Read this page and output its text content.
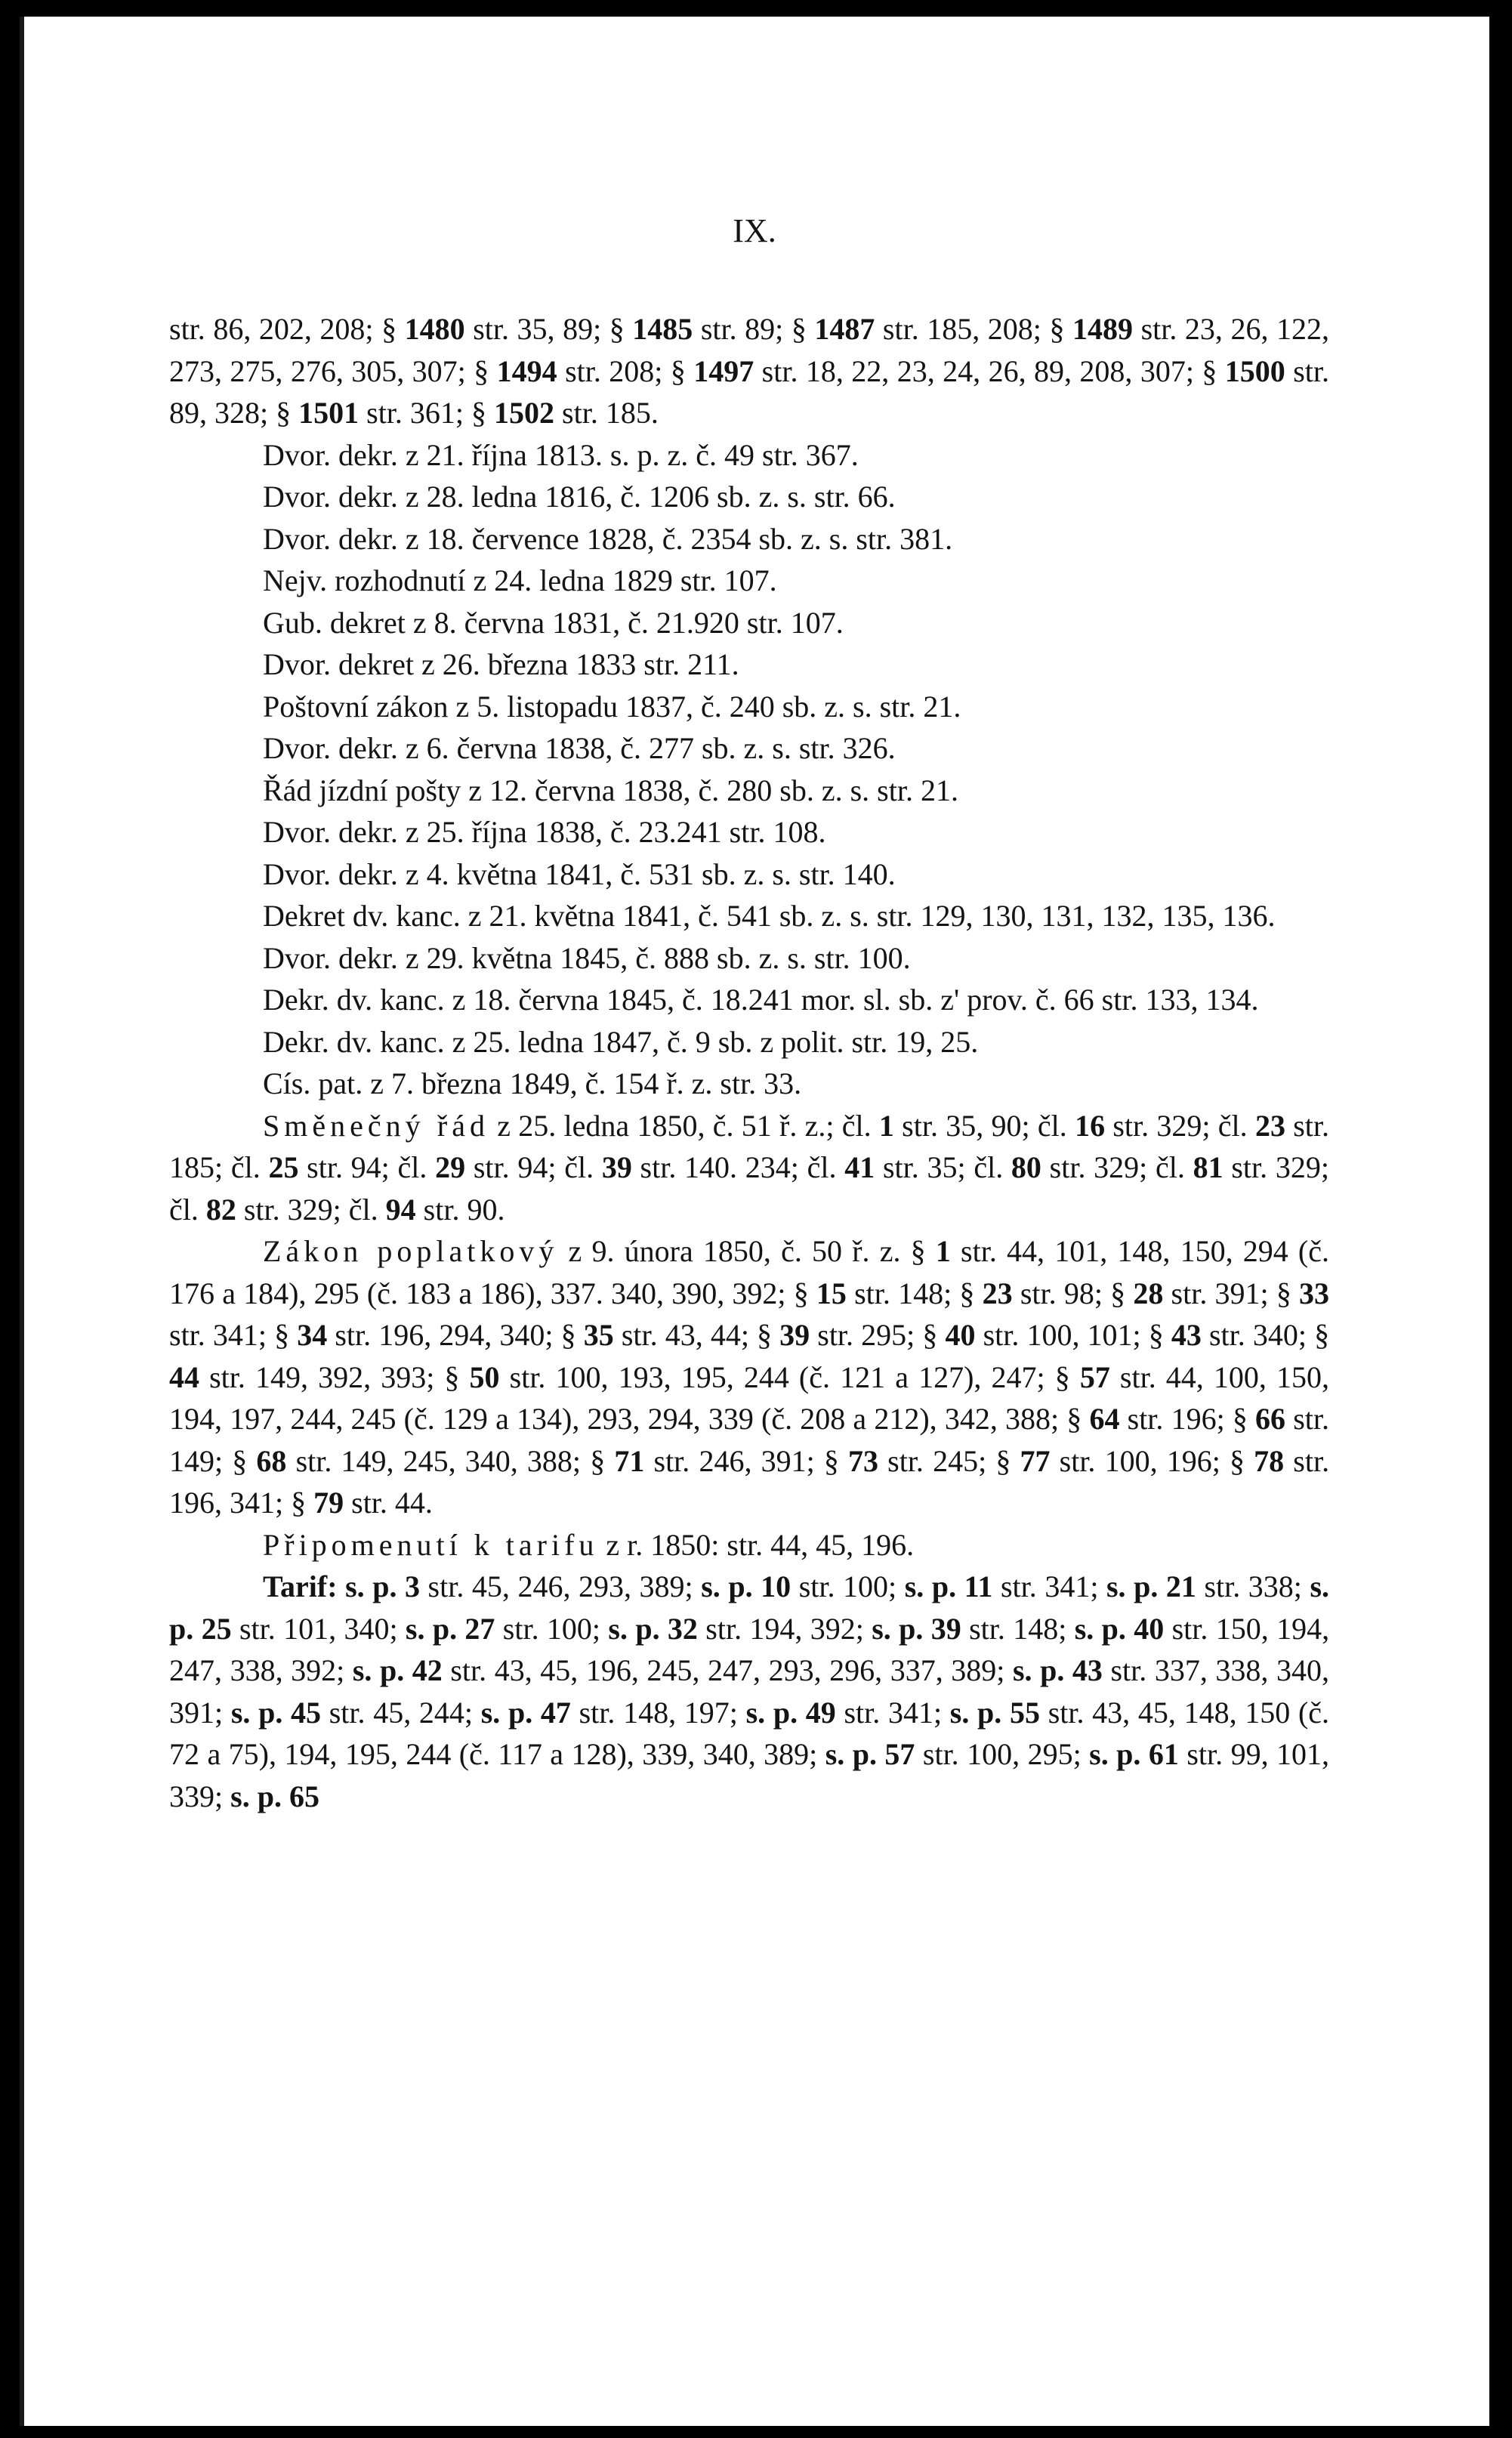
IX.

str. 86, 202, 208; § 1480 str. 35, 89; § 1485 str. 89; § 1487 str. 185, 208; § 1489 str. 23, 26, 122, 273, 275, 276, 305, 307; § 1494 str. 208; § 1497 str. 18, 22, 23, 24, 26, 89, 208, 307; § 1500 str. 89, 328; § 1501 str. 361; § 1502 str. 185.

Dvor. dekr. z 21. října 1813. s. p. z. č. 49 str. 367.

Dvor. dekr. z 28. ledna 1816, č. 1206 sb. z. s. str. 66.

Dvor. dekr. z 18. července 1828, č. 2354 sb. z. s. str. 381.

Nejv. rozhodnutí z 24. ledna 1829 str. 107.

Gub. dekret z 8. června 1831, č. 21.920 str. 107.

Dvor. dekret z 26. března 1833 str. 211.

Poštovní zákon z 5. listopadu 1837, č. 240 sb. z. s. str. 21.

Dvor. dekr. z 6. června 1838, č. 277 sb. z. s. str. 326.

Řád jízdní pošty z 12. června 1838, č. 280 sb. z. s. str. 21.

Dvor. dekr. z 25. října 1838, č. 23.241 str. 108.

Dvor. dekr. z 4. května 1841, č. 531 sb. z. s. str. 140.

Dekret dv. kanc. z 21. května 1841, č. 541 sb. z. s. str. 129, 130, 131, 132, 135, 136.

Dvor. dekr. z 29. května 1845, č. 888 sb. z. s. str. 100.

Dekr. dv. kanc. z 18. června 1845, č. 18.241 mor. sl. sb. z' prov. č. 66 str. 133, 134.

Dekr. dv. kanc. z 25. ledna 1847, č. 9 sb. z polit. str. 19, 25.

Cís. pat. z 7. března 1849, č. 154 ř. z. str. 33.

Směnečný řád z 25. ledna 1850, č. 51 ř. z.; čl. 1 str. 35, 90; čl. 16 str. 329; čl. 23 str. 185; čl. 25 str. 94; čl. 29 str. 94; čl. 39 str. 140. 234; čl. 41 str. 35; čl. 80 str. 329; čl. 81 str. 329; čl. 82 str. 329; čl. 94 str. 90.

Zákon poplatkový z 9. února 1850, č. 50 ř. z. § 1 str. 44, 101, 148, 150, 294 (č. 176 a 184), 295 (č. 183 a 186), 337. 340, 390, 392; § 15 str. 148; § 23 str. 98; § 28 str. 391; § 33 str. 341; § 34 str. 196, 294, 340; § 35 str. 43, 44; § 39 str. 295; § 40 str. 100, 101; § 43 str. 340; § 44 str. 149, 392, 393; § 50 str. 100, 193, 195, 244 (č. 121 a 127), 247; § 57 str. 44, 100, 150, 194, 197, 244, 245 (č. 129 a 134), 293, 294, 339 (č. 208 a 212), 342, 388; § 64 str. 196; § 66 str. 149; § 68 str. 149, 245, 340, 388; § 71 str. 246, 391; § 73 str. 245; § 77 str. 100, 196; § 78 str. 196, 341; § 79 str. 44.

Připomenutí k tarifu z r. 1850: str. 44, 45, 196.

Tarif: s. p. 3 str. 45, 246, 293, 389; s. p. 10 str. 100; s. p. 11 str. 341; s. p. 21 str. 338; s. p. 25 str. 101, 340; s. p. 27 str. 100; s. p. 32 str. 194, 392; s. p. 39 str. 148; s. p. 40 str. 150, 194, 247, 338, 392; s. p. 42 str. 43, 45, 196, 245, 247, 293, 296, 337, 389; s. p. 43 str. 337, 338, 340, 391; s. p. 45 str. 45, 244; s. p. 47 str. 148, 197; s. p. 49 str. 341; s. p. 55 str. 43, 45, 148, 150 (č. 72 a 75), 194, 195, 244 (č. 117 a 128), 339, 340, 389; s. p. 57 str. 100, 295; s. p. 61 str. 99, 101, 339; s. p. 65
